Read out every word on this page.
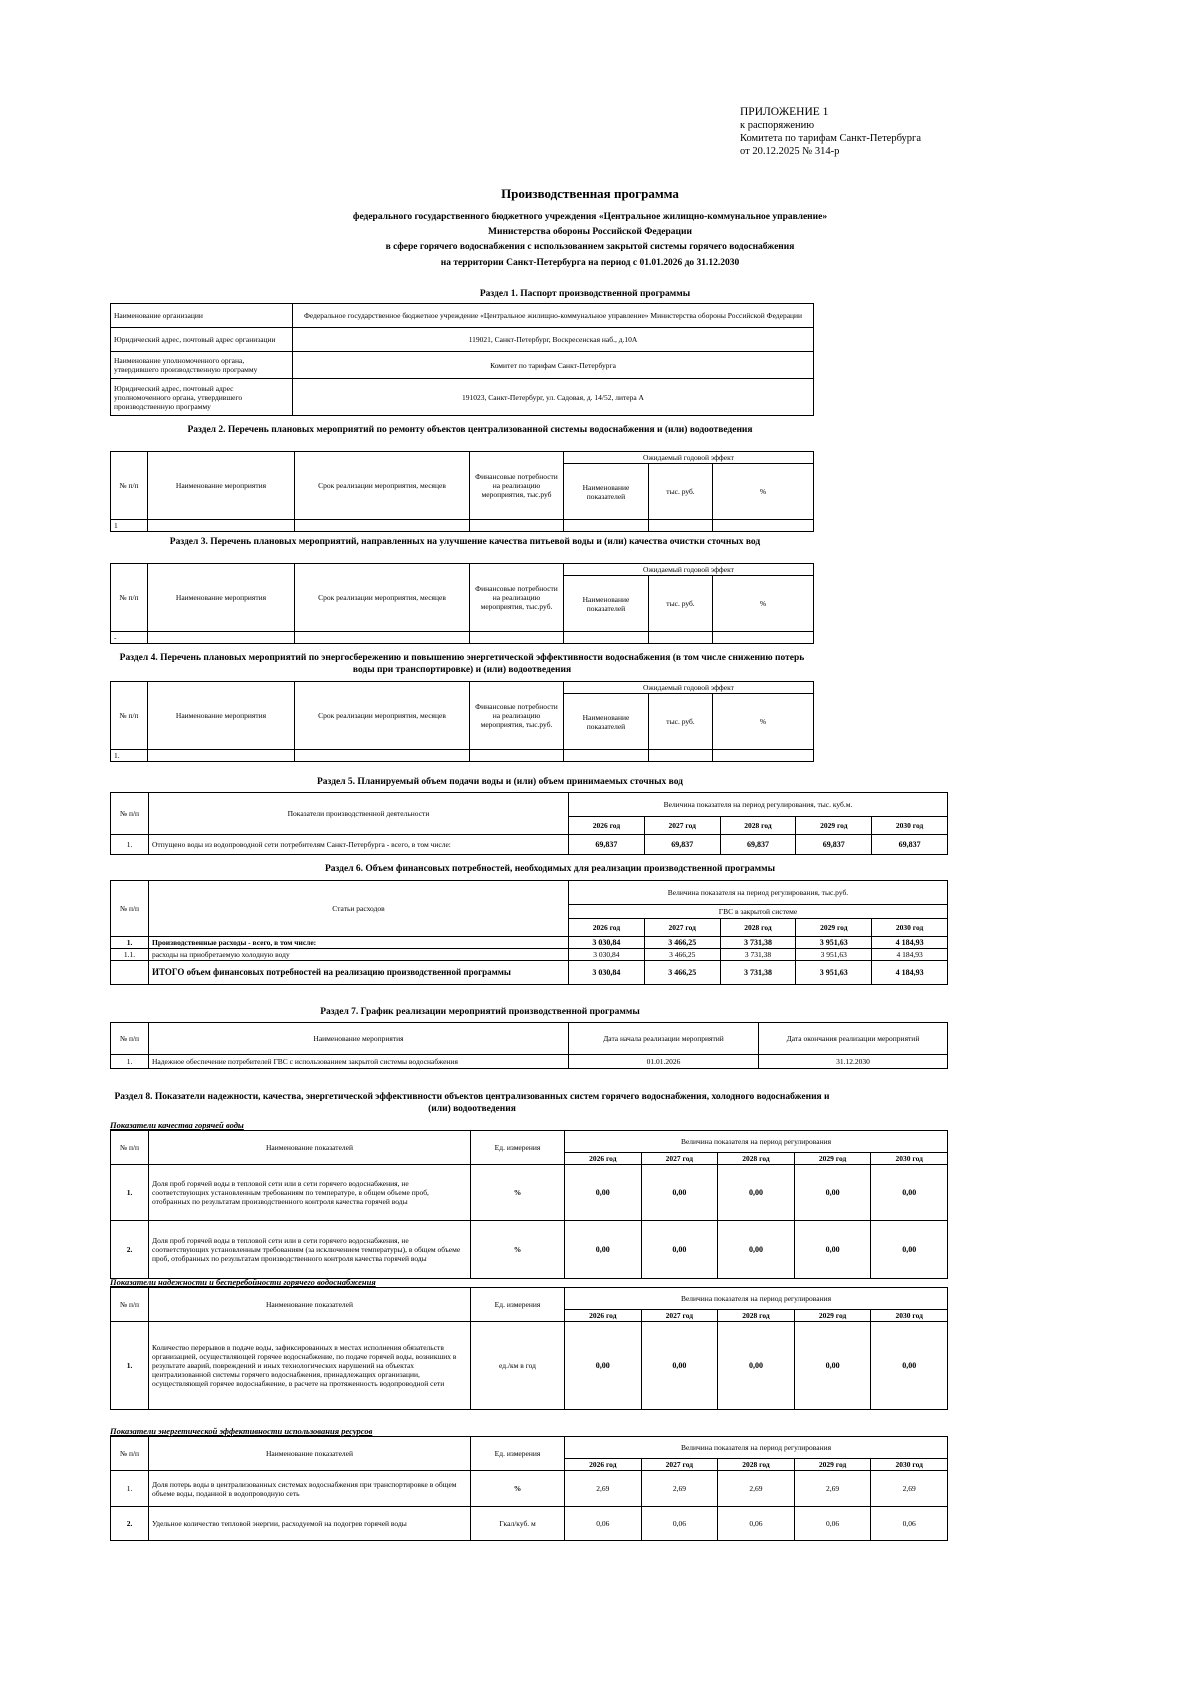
ПРИЛОЖЕНИЕ 1
к распоряжению
Комитета по тарифам Санкт-Петербурга
от 20.12.2025 № 314-р
Производственная программа
федерального государственного бюджетного учреждения «Центральное жилищно-коммунальное управление»
Министерства обороны Российской Федерации
в сфере горячего водоснабжения с использованием закрытой системы горячего водоснабжения
на территории Санкт-Петербурга на период с 01.01.2026 до 31.12.2030
Раздел 1. Паспорт производственной программы
Наименование организации	Федеральное государственное бюджетное учреждение «Центральное жилищно-коммунальное управление» Министерства обороны Российской Федерации
Юридический адрес, почтовый адрес организации	119021, Санкт-Петербург, Воскресенская наб., д.10А
Наименование уполномоченного органа, утвердившего производственную программу	Комитет по тарифам Санкт-Петербурга
Юридический адрес, почтовый адрес уполномоченного органа, утвердившего производственную программу	191023, Санкт-Петербург, ул. Садовая, д. 14/52, литера А
Раздел 2. Перечень плановых мероприятий по ремонту объектов централизованной системы водоснабжения и (или) водоотведения
№ п/п	Наименование мероприятия	Срок реализации мероприятия, месяцев	Финансовые потребности на реализацию мероприятия, тыс.руб	Ожидаемый годовой эффект		
				Наименование показателей	тыс. руб.	%
1						
Раздел 3. Перечень плановых мероприятий, направленных на улучшение качества питьевой воды и (или) качества очистки сточных вод
№ п/п	Наименование мероприятия	Срок реализации мероприятия, месяцев	Финансовые потребности на реализацию мероприятия, тыс.руб.	Ожидаемый годовой эффект		
				Наименование показателей	тыс. руб.	%
-						
Раздел 4. Перечень плановых мероприятий по энергосбережению и повышению энергетической эффективности водоснабжения (в том числе снижению потерь воды при транспортировке) и (или) водоотведения
№ п/п	Наименование мероприятия	Срок реализации мероприятия, месяцев	Финансовые потребности на реализацию мероприятия, тыс.руб.	Ожидаемый годовой эффект		
				Наименование показателей	тыс. руб.	%
1.						
Раздел 5. Планируемый объем подачи воды и (или) объем принимаемых сточных вод
№ п/п	Показатели производственной деятельности	Величина показателя на период регулирования, тыс. куб.м.				
		2026 год	2027 год	2028 год	2029 год	2030 год
1.	Отпущено воды из водопроводной сети потребителям Санкт-Петербурга - всего, в том числе:	69,837	69,837	69,837	69,837	69,837
Раздел 6. Объем финансовых потребностей, необходимых для реализации производственной программы
№ п/п	Статьи расходов	Величина показателя на период регулирования, тыс.руб.				
		ГВС в закрытой системе				
		2026 год	2027 год	2028 год	2029 год	2030 год
1.	Производственные расходы - всего, в том числе:	3 030,84	3 466,25	3 731,38	3 951,63	4 184,93
1.1.	расходы на приобретаемую холодную воду	3 030,84	3 466,25	3 731,38	3 951,63	4 184,93
	ИТОГО объем финансовых потребностей на реализацию производственной программы	3 030,84	3 466,25	3 731,38	3 951,63	4 184,93
Раздел 7. График реализации мероприятий производственной программы
№ п/п	Наименование мероприятия	Дата начала реализации мероприятий	Дата окончания реализации мероприятий
1.	Надежное обеспечение потребителей ГВС с использованием закрытой системы водоснабжения	01.01.2026	31.12.2030
Раздел 8. Показатели надежности, качества, энергетической эффективности объектов централизованных систем горячего водоснабжения, холодного водоснабжения и (или) водоотведения
Показатели качества горячей воды
№ п/п	Наименование показателей	Ед. измерения	Величина показателя на период регулирования				
			2026 год	2027 год	2028 год	2029 год	2030 год
1.	Доля проб горячей воды в тепловой сети или в сети горячего водоснабжения, не соответствующих установленным требованиям по температуре, в общем объеме проб, отобранных по результатам производственного контроля качества горячей воды	%	0,00	0,00	0,00	0,00	0,00
2.	Доля проб горячей воды в тепловой сети или в сети горячего водоснабжения, не соответствующих установленным требованиям (за исключением температуры), в общем объеме проб, отобранных по результатам производственного контроля качества горячей воды	%	0,00	0,00	0,00	0,00	0,00
Показатели надежности и бесперебойности горячего водоснабжения
№ п/п	Наименование показателей	Ед. измерения	Величина показателя на период регулирования				
			2026 год	2027 год	2028 год	2029 год	2030 год
1.	Количество перерывов в подаче воды, зафиксированных в местах исполнения обязательств организацией, осуществляющей горячее водоснабжение, по подаче горячей воды, возникших в результате аварий, повреждений и иных технологических нарушений на объектах централизованной системы горячего водоснабжения, принадлежащих организации, осуществляющей горячее водоснабжение, в расчете на протяженность водопроводной сети	ед./км в год	0,00	0,00	0,00	0,00	0,00
Показатели энергетической эффективности использования ресурсов
№ п/п	Наименование показателей	Ед. измерения	Величина показателя на период регулирования				
			2026 год	2027 год	2028 год	2029 год	2030 год
1.	Доля потерь воды в централизованных системах водоснабжения при транспортировке в общем объеме воды, поданной в водопроводную сеть	%	2,69	2,69	2,69	2,69	2,69
2.	Удельное количество тепловой энергии, расходуемой на подогрев горячей воды	Гкал/куб. м	0,06	0,06	0,06	0,06	0,06
